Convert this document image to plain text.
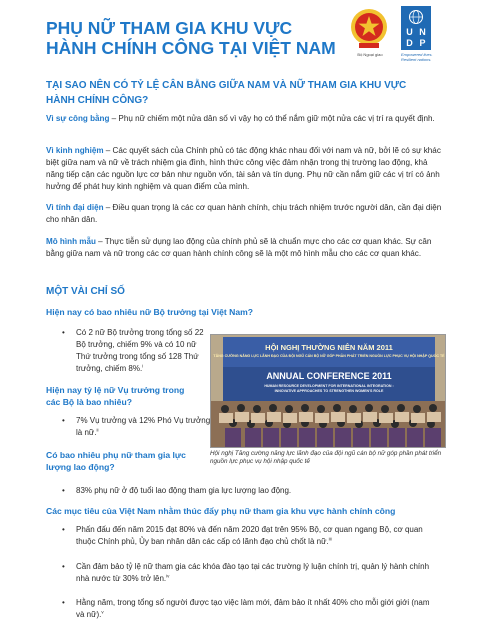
PHỤ NỮ THAM GIA KHU VỰC HÀNH CHÍNH CÔNG TẠI VIỆT NAM	Bộ Ngoại giao
U N
D P
Empowered lives. Resilient nations.
TẠI SAO NÊN CÓ TỶ LỆ CÂN BẰNG GIỮA NAM VÀ NỮ THAM GIA KHU VỰC HÀNH CHÍNH CÔNG?
Vì sự công bằng – Phụ nữ chiếm một nửa dân số vì vậy họ có thể nắm giữ một nửa các vị trí ra quyết định.
Vì kinh nghiệm – Các quyết sách của Chính phủ có tác động khác nhau đối với nam và nữ, bởi lẽ có sự khác biệt giữa nam và nữ về trách nhiệm gia đình, hình thức công việc đảm nhận trong thị trường lao động, khả năng tiếp cận các nguồn lực cơ bản như nguồn vốn, tài sản và tín dụng. Phụ nữ cần nắm giữ các vị trí có ảnh hưởng để phát huy kinh nghiệm và quan điểm của mình.
Vì tính đại diện – Điều quan trọng là các cơ quan hành chính, chịu trách nhiệm trước người dân, cần đại diện cho nhân dân.
Mô hình mẫu – Thực tiễn sử dụng lao động của chính phủ sẽ là chuẩn mực cho các cơ quan khác. Sự cân bằng giữa nam và nữ trong các cơ quan hành chính công sẽ là một mô hình mẫu cho các cơ quan khác.
MỘT VÀI CHỈ SỐ
Hiện nay có bao nhiêu nữ Bộ trưởng tại Việt Nam?
• Có 2 nữ Bộ trưởng trong tổng số 22 Bộ trưởng, chiếm 9% và có 10 nữ Thứ trưởng trong tổng số 128 Thứ trưởng, chiếm 8%.$^i$
Hiện nay tỷ lệ nữ Vụ trưởng trong các Bộ là bao nhiêu?
• 7% Vụ trưởng và 12% Phó Vụ trưởng là nữ.$^{ii}$
HỘI NGHỊ THƯỜNG NIÊN NĂM 2011
TĂNG CƯỜNG NĂNG LỰC LÃNH ĐẠO CỦA ĐỘI NGŨ CÁN BỘ NỮ GÓP PHẦN PHÁT TRIỂN NGUỒN LỰC PHỤC VỤ HỘI NHẬP QUỐC TẾ
ANNUAL CONFERENCE 2011
HUMAN RESOURCE DEVELOPMENT FOR INTERNATIONAL INTEGRATION :
INNOVATIVE APPROACHES TO STRENGTHEN WOMEN'S ROLE
Hội nghị Tăng cường năng lực lãnh đạo của đội ngũ cán bộ nữ góp phần phát triển nguồn lực phục vụ hội nhập quốc tế
Có bao nhiêu phụ nữ tham gia lực lượng lao động?
• 83% phụ nữ ở độ tuổi lao động tham gia lực lượng lao động.
Các mục tiêu của Việt Nam nhằm thúc đẩy phụ nữ tham gia khu vực hành chính công
• Phấn đấu đến năm 2015 đạt 80% và đến năm 2020 đạt trên 95% Bộ, cơ quan ngang Bộ, cơ quan thuộc Chính phủ, Ủy ban nhân dân các cấp có lãnh đạo chủ chốt là nữ.$^{iii}$
• Cần đảm bảo tỷ lệ nữ tham gia các khóa đào tạo tại các trường lý luận chính trị, quản lý hành chính nhà nước từ 30% trở lên.$^{iv}$
• Hằng năm, trong tổng số người được tạo việc làm mới, đảm bảo ít nhất 40% cho mỗi giới giới (nam và nữ).$^v$
